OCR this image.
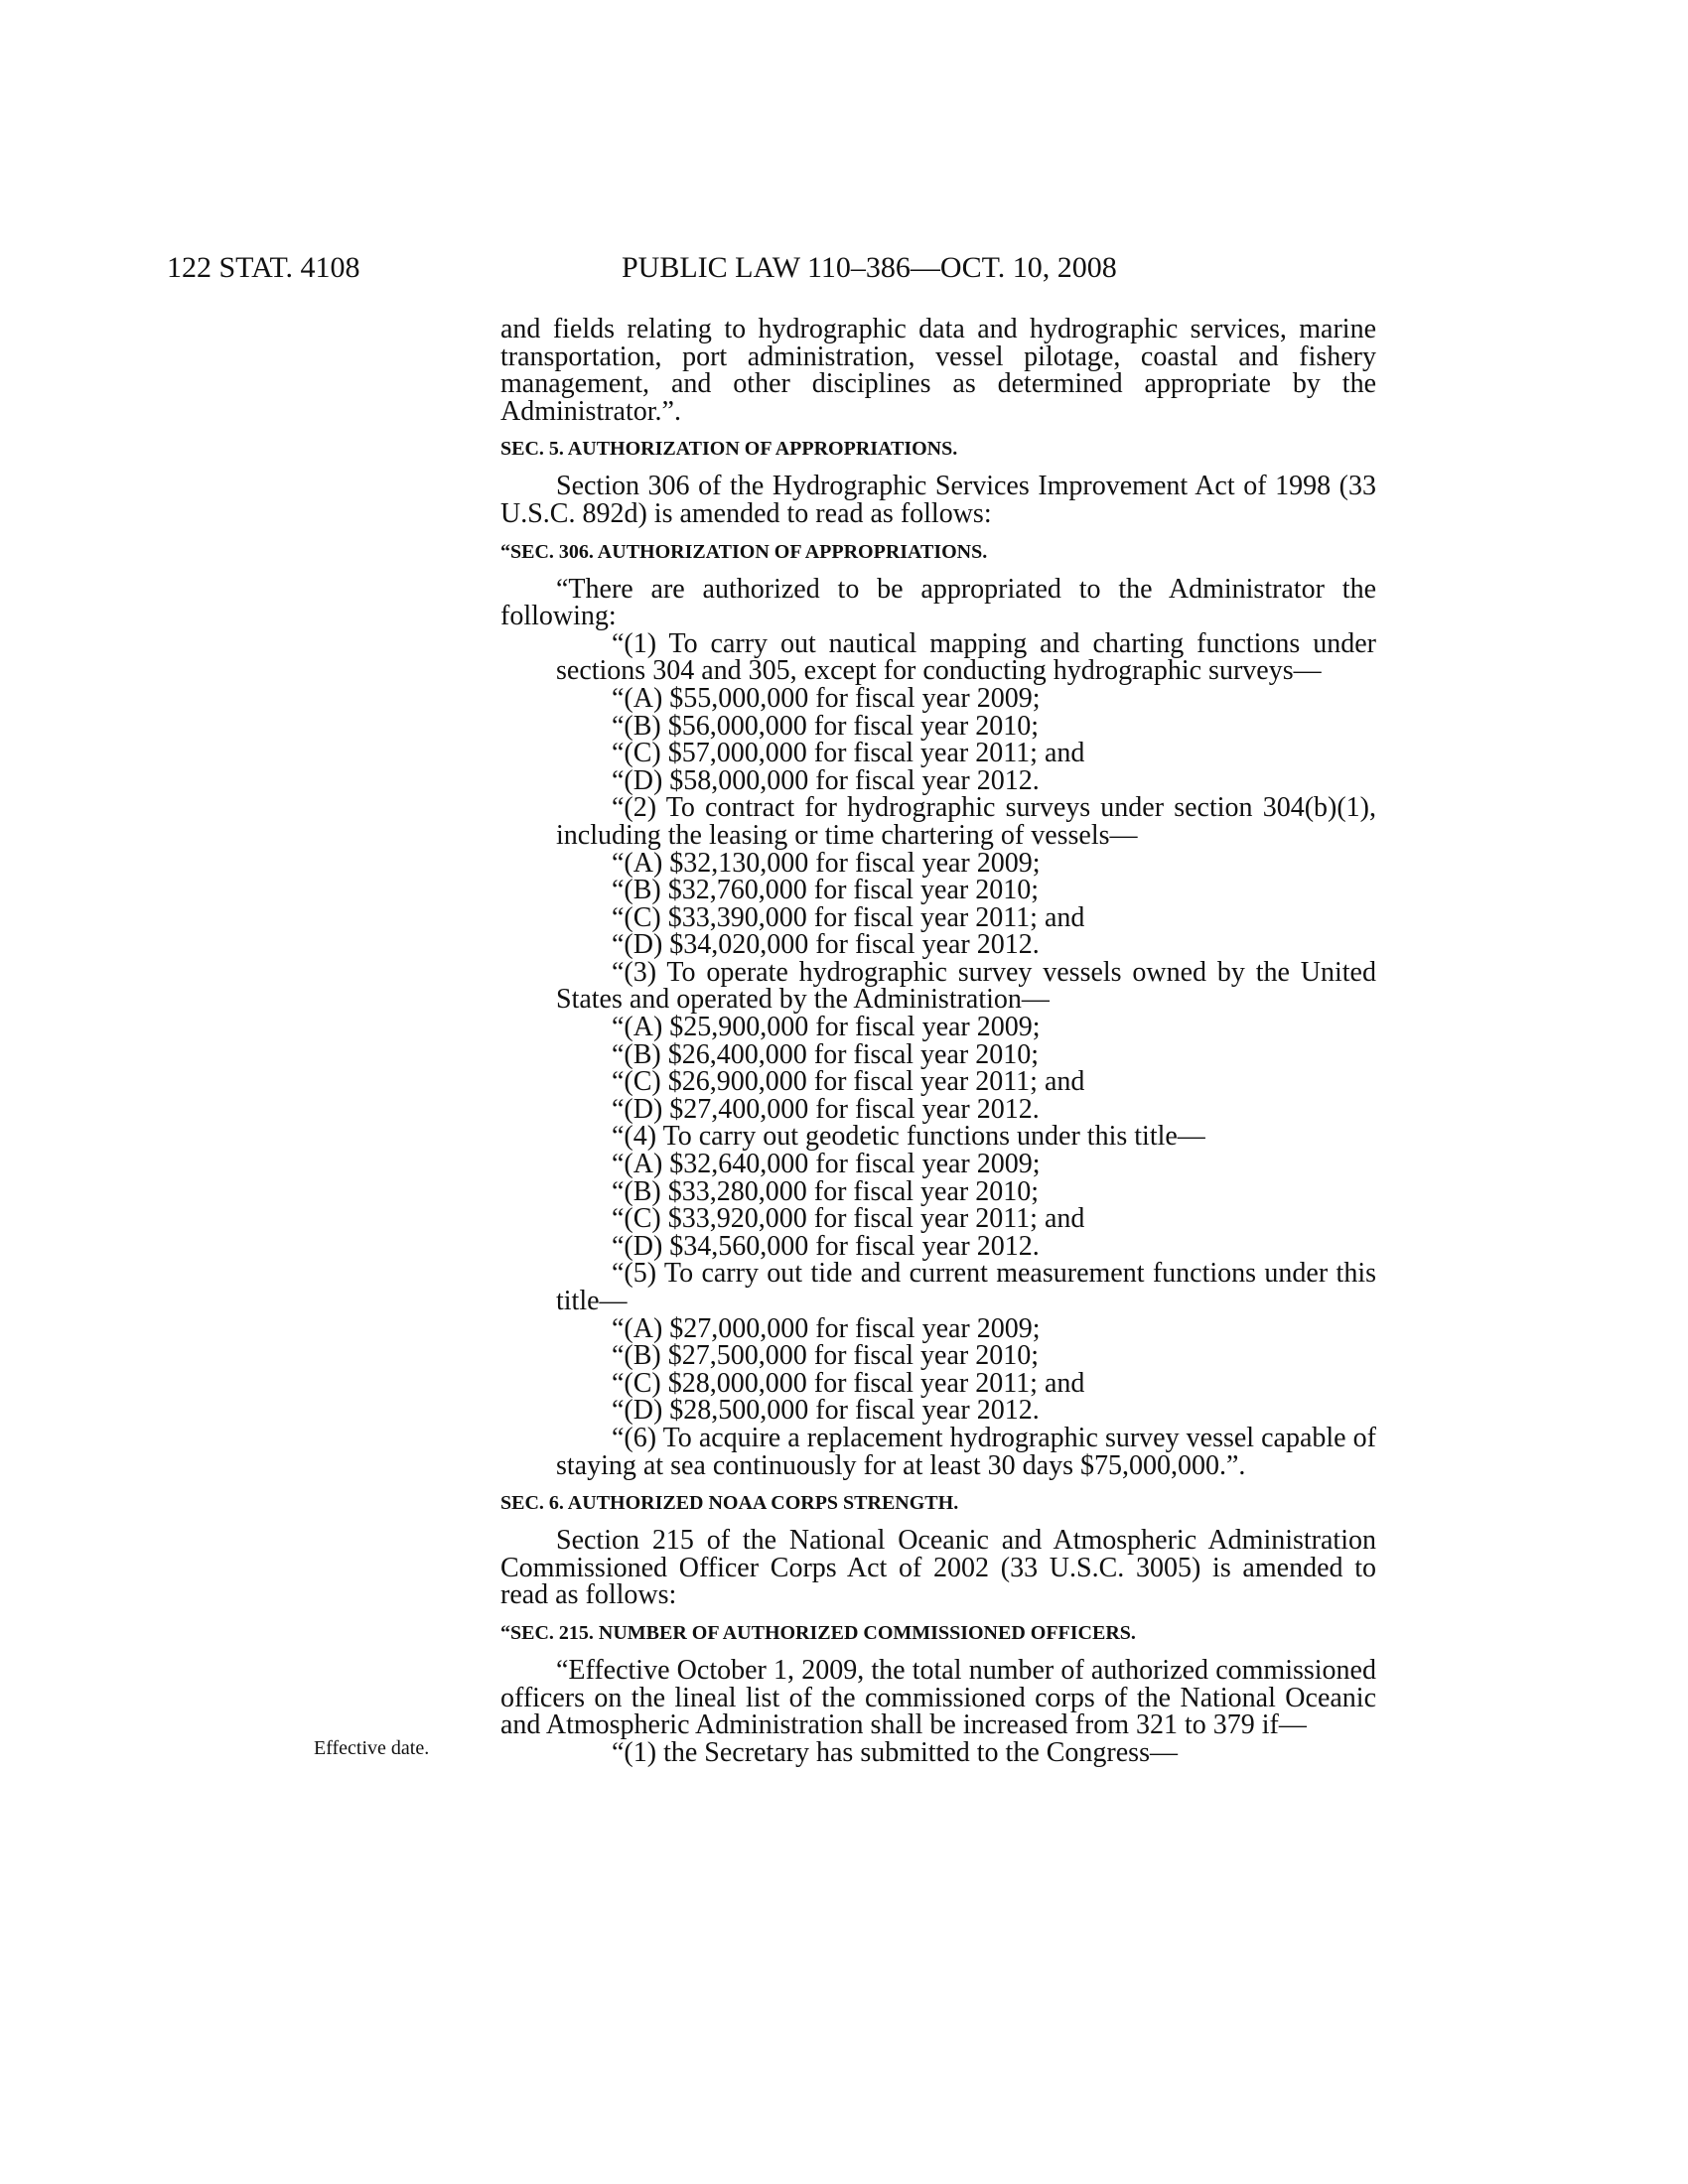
122 STAT. 4108	PUBLIC LAW 110–386—OCT. 10, 2008
Effective date.

and fields relating to hydrographic data and hydrographic services, marine transportation, port administration, vessel pilotage, coastal and fishery management, and other disciplines as determined appropriate by the Administrator.”.

SEC. 5. AUTHORIZATION OF APPROPRIATIONS.

Section 306 of the Hydrographic Services Improvement Act of 1998 (33 U.S.C. 892d) is amended to read as follows:

“SEC. 306. AUTHORIZATION OF APPROPRIATIONS.

“There are authorized to be appropriated to the Administrator the following:

“(1) To carry out nautical mapping and charting functions under sections 304 and 305, except for conducting hydrographic surveys—

“(A) $55,000,000 for fiscal year 2009;

“(B) $56,000,000 for fiscal year 2010;

“(C) $57,000,000 for fiscal year 2011; and

“(D) $58,000,000 for fiscal year 2012.

“(2) To contract for hydrographic surveys under section 304(b)(1), including the leasing or time chartering of vessels—

“(A) $32,130,000 for fiscal year 2009;

“(B) $32,760,000 for fiscal year 2010;

“(C) $33,390,000 for fiscal year 2011; and

“(D) $34,020,000 for fiscal year 2012.

“(3) To operate hydrographic survey vessels owned by the United States and operated by the Administration—

“(A) $25,900,000 for fiscal year 2009;

“(B) $26,400,000 for fiscal year 2010;

“(C) $26,900,000 for fiscal year 2011; and

“(D) $27,400,000 for fiscal year 2012.

“(4) To carry out geodetic functions under this title—

“(A) $32,640,000 for fiscal year 2009;

“(B) $33,280,000 for fiscal year 2010;

“(C) $33,920,000 for fiscal year 2011; and

“(D) $34,560,000 for fiscal year 2012.

“(5) To carry out tide and current measurement functions under this title—

“(A) $27,000,000 for fiscal year 2009;

“(B) $27,500,000 for fiscal year 2010;

“(C) $28,000,000 for fiscal year 2011; and

“(D) $28,500,000 for fiscal year 2012.

“(6) To acquire a replacement hydrographic survey vessel capable of staying at sea continuously for at least 30 days $75,000,000.”.

SEC. 6. AUTHORIZED NOAA CORPS STRENGTH.

Section 215 of the National Oceanic and Atmospheric Administration Commissioned Officer Corps Act of 2002 (33 U.S.C. 3005) is amended to read as follows:

“SEC. 215. NUMBER OF AUTHORIZED COMMISSIONED OFFICERS.

“Effective October 1, 2009, the total number of authorized commissioned officers on the lineal list of the commissioned corps of the National Oceanic and Atmospheric Administration shall be increased from 321 to 379 if—

“(1) the Secretary has submitted to the Congress—
